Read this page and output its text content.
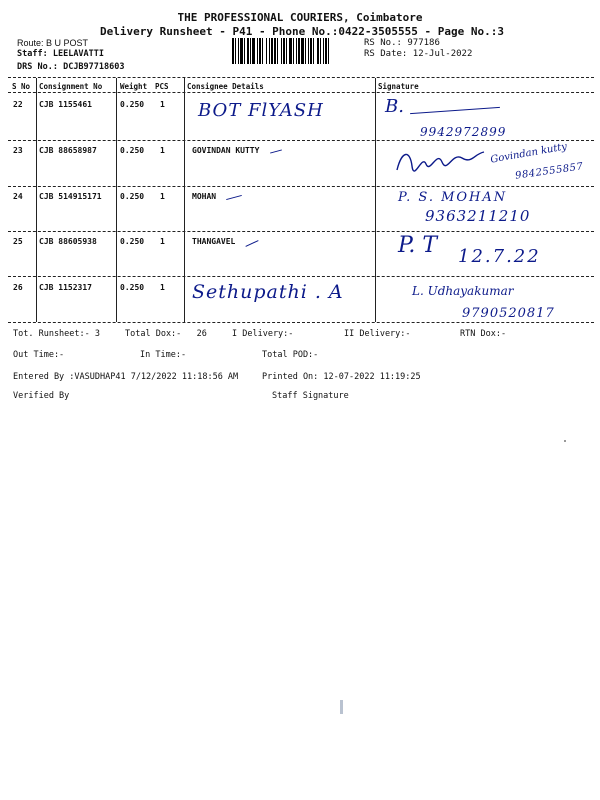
THE PROFESSIONAL COURIERS, Coimbatore
Delivery Runsheet - P41 - Phone No.:0422-3505555 - Page No.:3
Route: B U POST
Staff: LEELAVATTI
DRS No.: DCJB97718603
RS No.: 977186
RS Date: 12-Jul-2022
S No Consignment No Weight PCS Consignee Details	Signature
22 CJB 1155461	0.250 1 BOT FlYASH	B.
9942972899
23 CJB 88658987	0.250 1	GOVINDAN KUTTY	Govindan kutty
9842555857
24 CJB 514915171 0.250 1	MOHAN	P. S. MOHAN
9363211210
25 CJB 88605938	0.250 1	THANGAVEL	P. T 12.7.22
26 CJB 1152317	0.250 1 Sethupathi . A	L. Udhayakumar
9790520817
Tot. Runsheet:- 3	Total Dox:-   26	I Delivery:-	II Delivery:-	RTN Dox:-
Out Time:-	In Time:-	Total POD:-
Entered By :VASUDHAP41 7/12/2022 11:18:56 AM	Printed On: 12-07-2022 11:19:25
Verified By	Staff Signature
